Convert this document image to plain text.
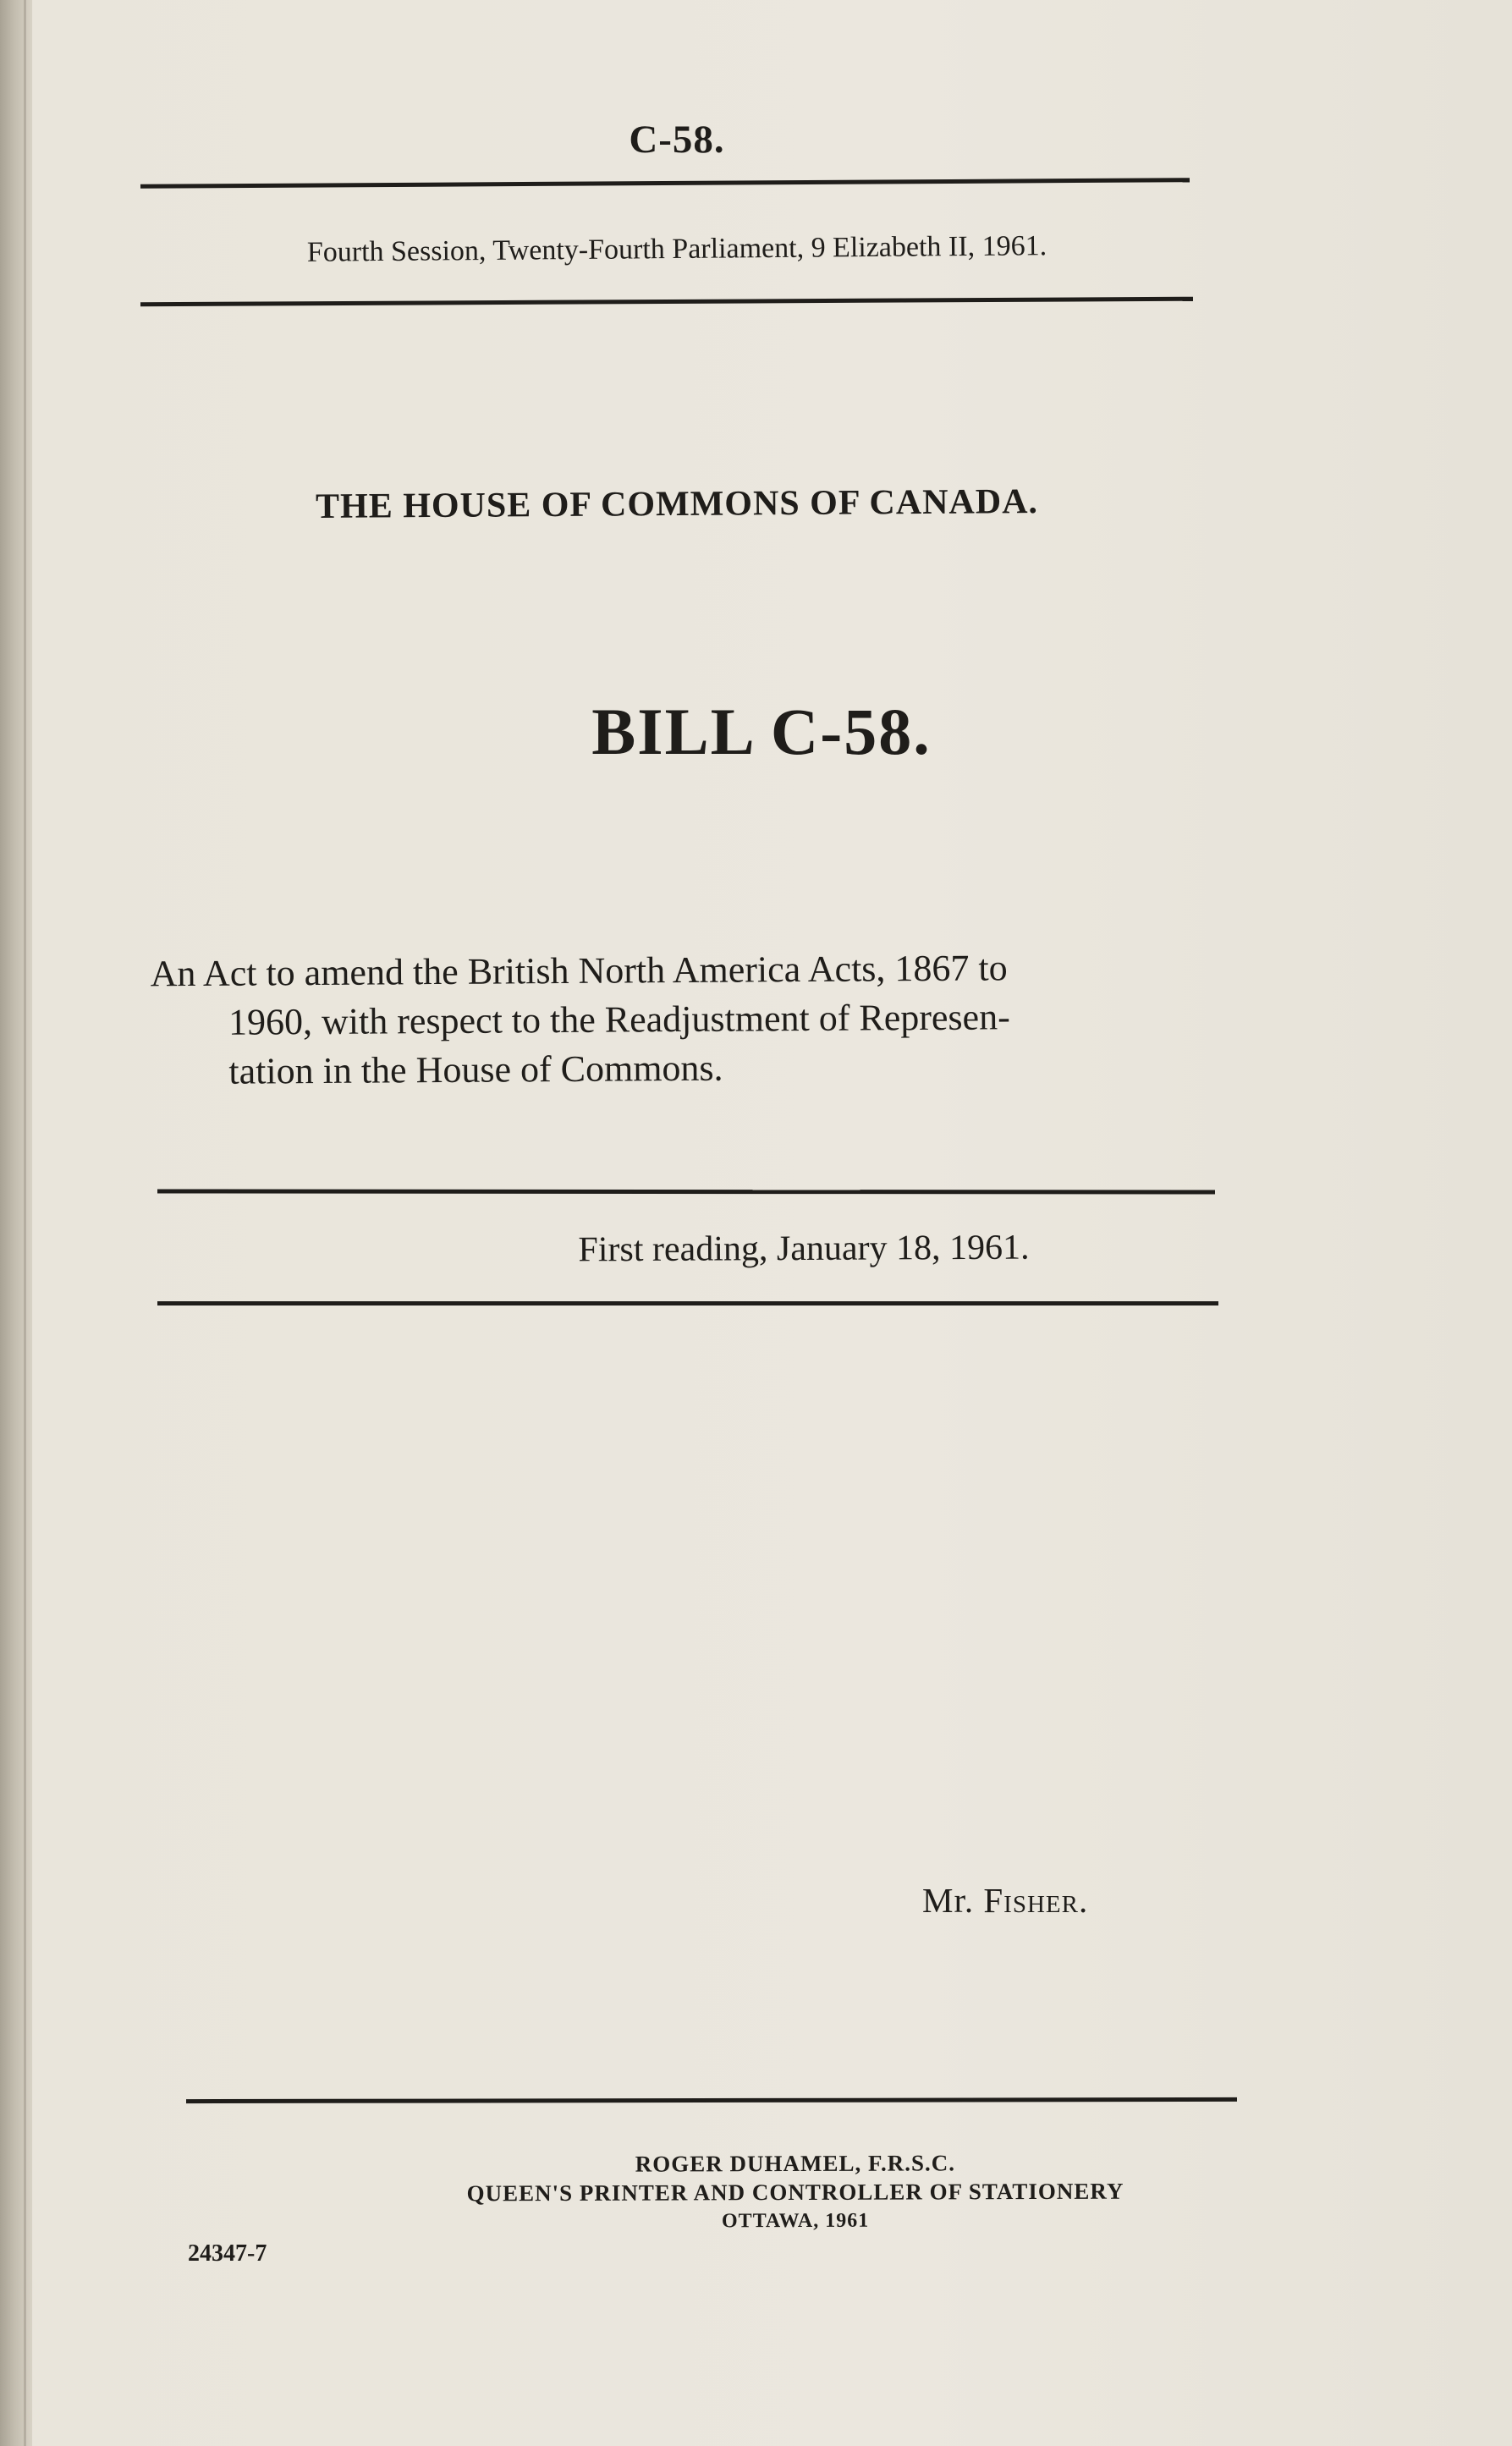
C-58.
Fourth Session, Twenty-Fourth Parliament, 9 Elizabeth II, 1961.
THE HOUSE OF COMMONS OF CANADA.
BILL C-58.
An Act to amend the British North America Acts, 1867 to
1960, with respect to the Readjustment of Represen-
tation in the House of Commons.
First reading, January 18, 1961.
Mr. Fisher.
ROGER DUHAMEL, F.R.S.C.
QUEEN'S PRINTER AND CONTROLLER OF STATIONERY
OTTAWA, 1961
24347-7
